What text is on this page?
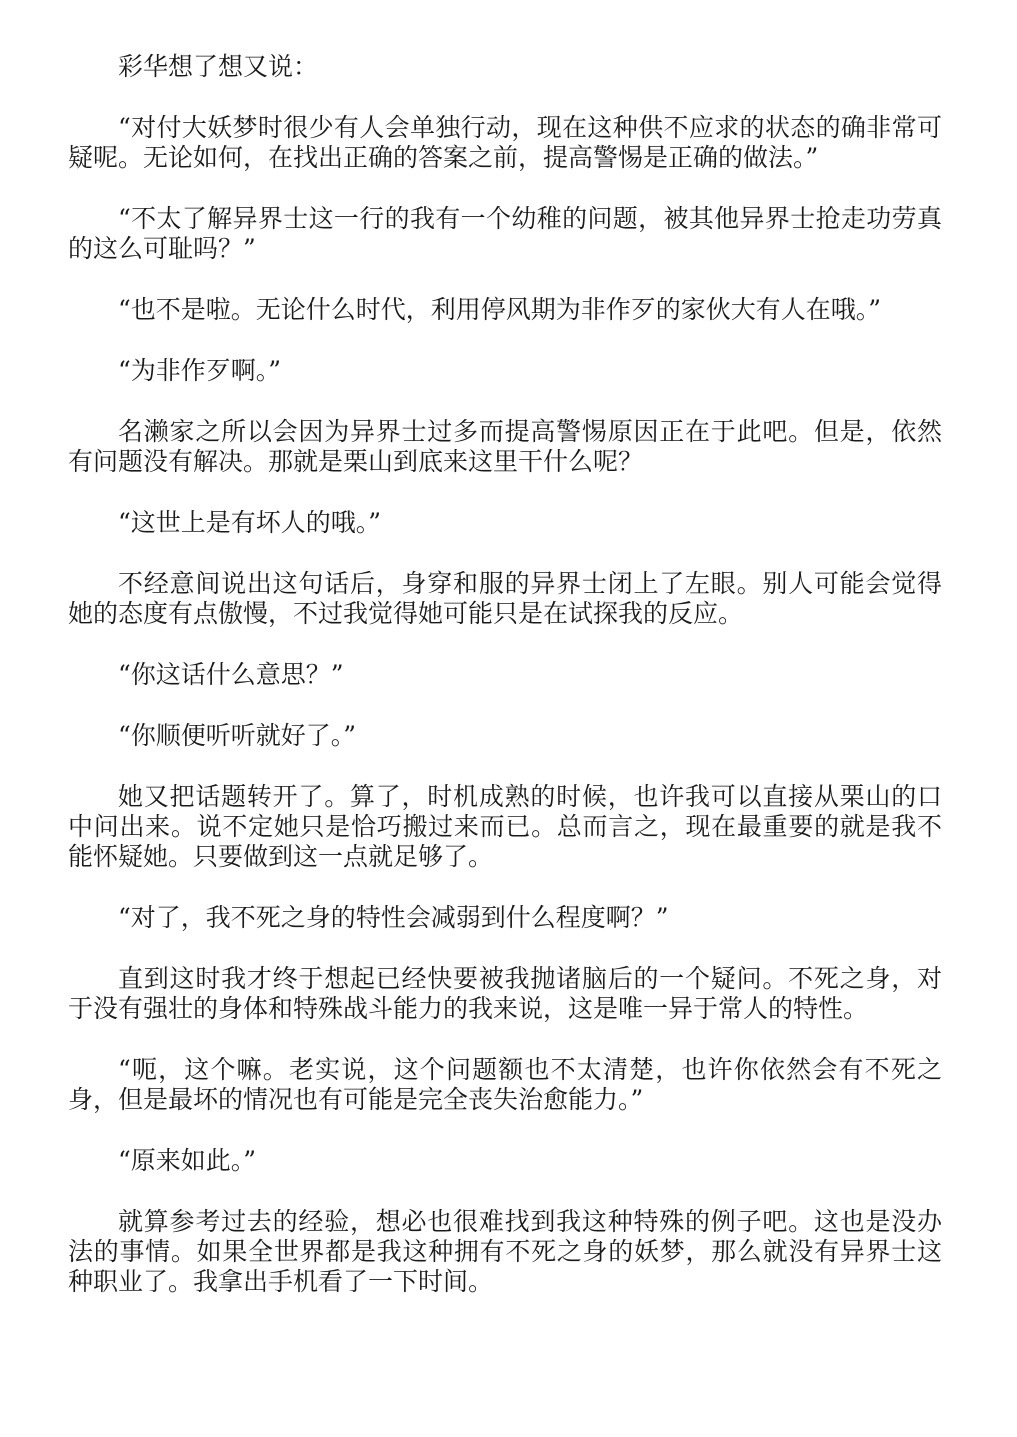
彩华想了想又说：

“对付大妖梦时很少有人会单独行动，现在这种供不应求的状态的确非常可疑呢。无论如何，在找出正确的答案之前，提高警惕是正确的做法。”

“不太了解异界士这一行的我有一个幼稚的问题，被其他异界士抢走功劳真的这么可耻吗？”

“也不是啦。无论什么时代，利用停风期为非作歹的家伙大有人在哦。”

“为非作歹啊。”

名濑家之所以会因为异界士过多而提高警惕原因正在于此吧。但是，依然有问题没有解决。那就是栗山到底来这里干什么呢？

“这世上是有坏人的哦。”

不经意间说出这句话后，身穿和服的异界士闭上了左眼。别人可能会觉得她的态度有点傲慢，不过我觉得她可能只是在试探我的反应。

“你这话什么意思？”

“你顺便听听就好了。”

她又把话题转开了。算了，时机成熟的时候，也许我可以直接从栗山的口中问出来。说不定她只是恰巧搬过来而已。总而言之，现在最重要的就是我不能怀疑她。只要做到这一点就足够了。

“对了，我不死之身的特性会减弱到什么程度啊？”

直到这时我才终于想起已经快要被我抛诸脑后的一个疑问。不死之身，对于没有强壮的身体和特殊战斗能力的我来说，这是唯一异于常人的特性。

“呃，这个嘛。老实说，这个问题额也不太清楚，也许你依然会有不死之身，但是最坏的情况也有可能是完全丧失治愈能力。”

“原来如此。”

就算参考过去的经验，想必也很难找到我这种特殊的例子吧。这也是没办法的事情。如果全世界都是我这种拥有不死之身的妖梦，那么就没有异界士这种职业了。我拿出手机看了一下时间。
